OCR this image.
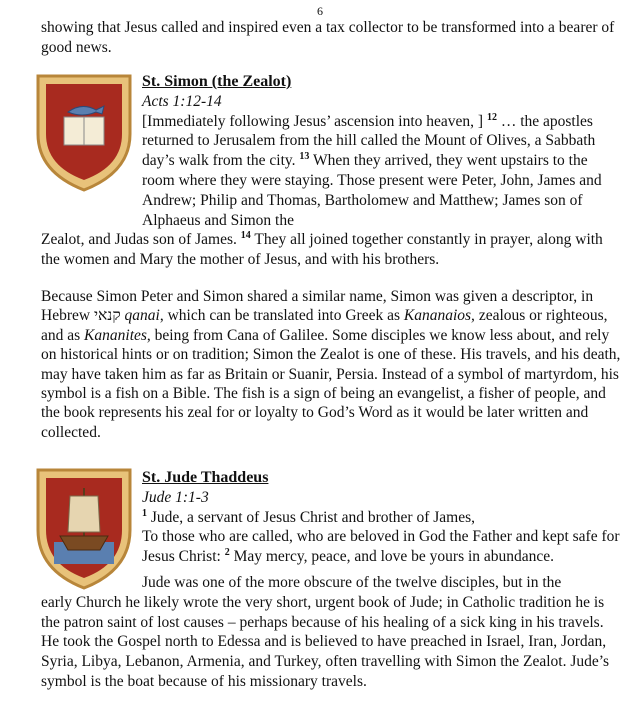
6
showing that Jesus called and inspired even a tax collector to be transformed into a bearer of good news.
St. Simon (the Zealot)
Acts 1:12-14
[Immediately following Jesus’ ascension into heaven, ] $^{12}$ … the apostles returned to Jerusalem from the hill called the Mount of Olives, a Sabbath day’s walk from the city. $^{13}$ When they arrived, they went upstairs to the room where they were staying. Those present were Peter, John, James and Andrew; Philip and Thomas, Bartholomew and Matthew; James son of Alphaeus and Simon the
Zealot, and Judas son of James. $^{14}$ They all joined together constantly in prayer, along with the women and Mary the mother of Jesus, and with his brothers.
Because Simon Peter and Simon shared a similar name, Simon was given a descriptor, in Hebrew קנאי qanai, which can be translated into Greek as Kananaios, zealous or righteous, and as Kananites, being from Cana of Galilee. Some disciples we know less about, and rely on historical hints or on tradition; Simon the Zealot is one of these. His travels, and his death, may have taken him as far as Britain or Suanir, Persia. Instead of a symbol of martyrdom, his symbol is a fish on a Bible. The fish is a sign of being an evangelist, a fisher of people, and the book represents his zeal for or loyalty to God’s Word as it would be later written and collected.
St. Jude Thaddeus
Jude 1:1-3
$^1$ Jude, a servant of Jesus Christ and brother of James,
To those who are called, who are beloved in God the Father and kept safe for Jesus Christ: $^2$ May mercy, peace, and love be yours in abundance.
Jude was one of the more obscure of the twelve disciples, but in the
early Church he likely wrote the very short, urgent book of Jude; in Catholic tradition he is the patron saint of lost causes – perhaps because of his healing of a sick king in his travels. He took the Gospel north to Edessa and is believed to have preached in Israel, Iran, Jordan, Syria, Libya, Lebanon, Armenia, and Turkey, often travelling with Simon the Zealot. Jude’s symbol is the boat because of his missionary travels.
